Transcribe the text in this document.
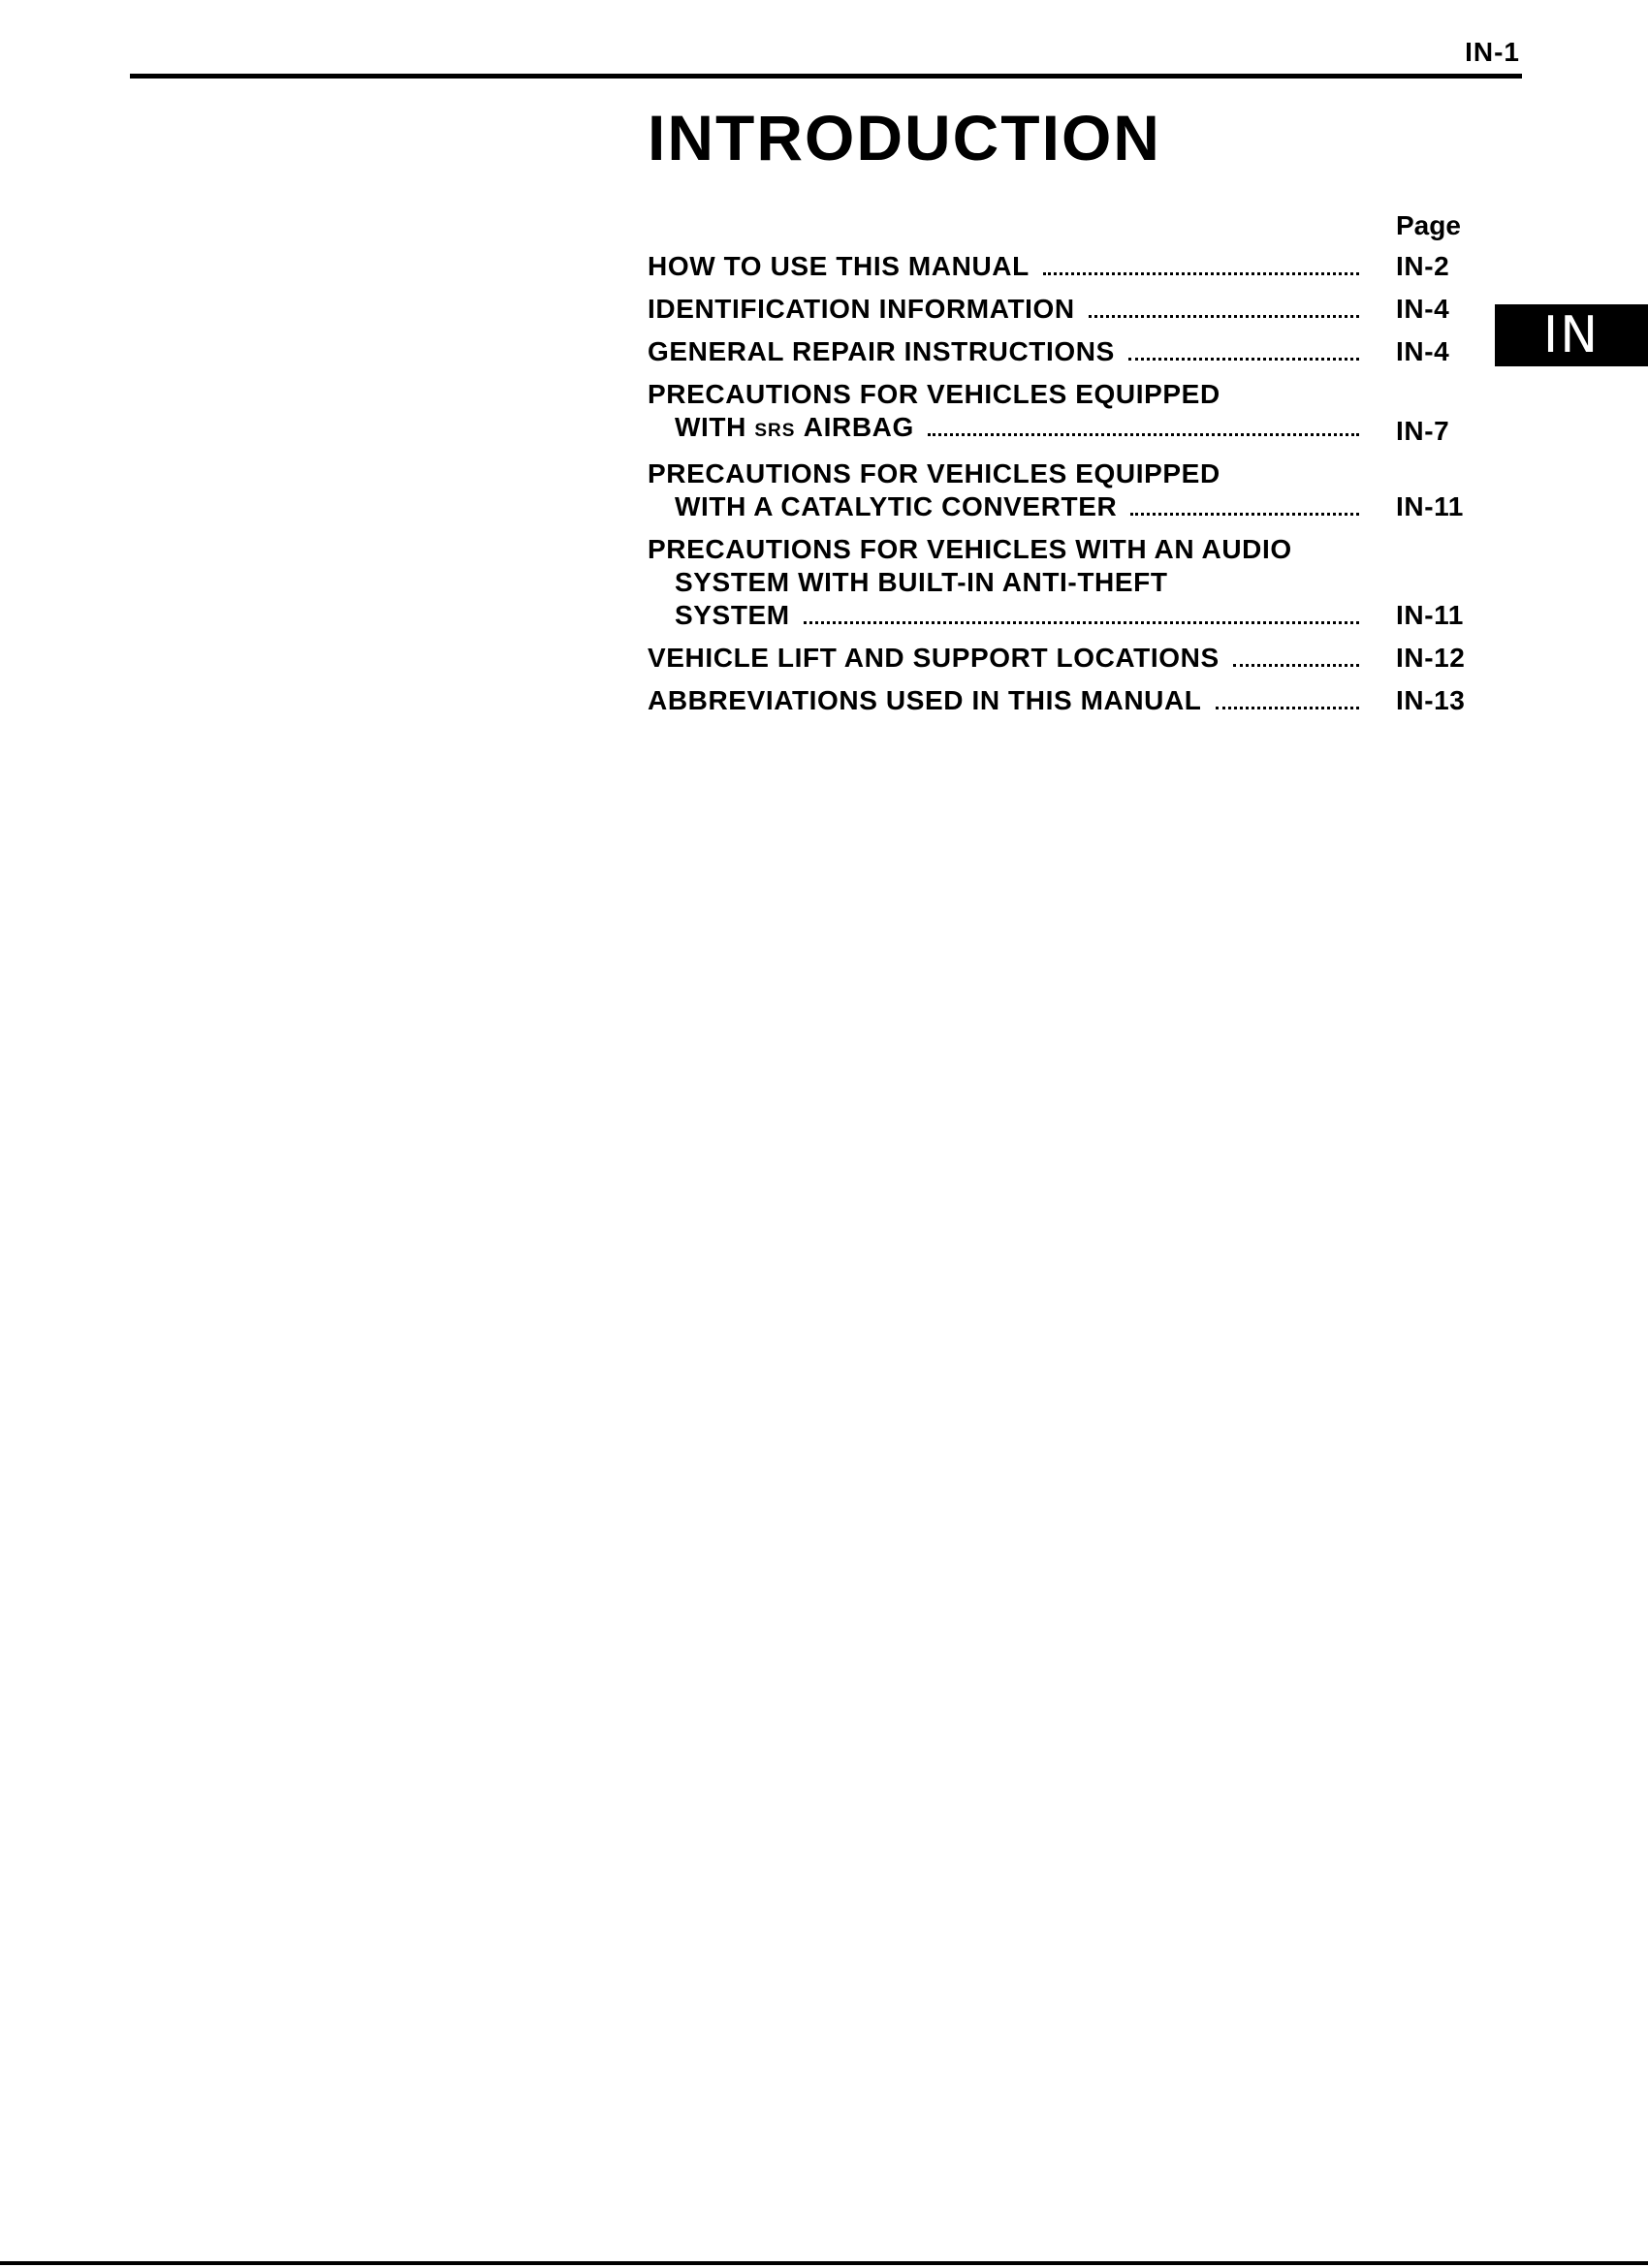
IN-1
INTRODUCTION
Page
HOW TO USE THIS MANUAL	IN-2
IDENTIFICATION INFORMATION	IN-4
GENERAL REPAIR INSTRUCTIONS	IN-4
PRECAUTIONS FOR VEHICLES EQUIPPED
WITH
SRS
AIRBAG	IN-7
PRECAUTIONS FOR VEHICLES EQUIPPED
WITH A CATALYTIC CONVERTER	IN-11
PRECAUTIONS FOR VEHICLES WITH AN AUDIO
SYSTEM WITH BUILT-IN ANTI-THEFT
SYSTEM	IN-11
VEHICLE LIFT AND SUPPORT LOCATIONS	IN-12
ABBREVIATIONS USED IN THIS MANUAL	IN-13
IN
